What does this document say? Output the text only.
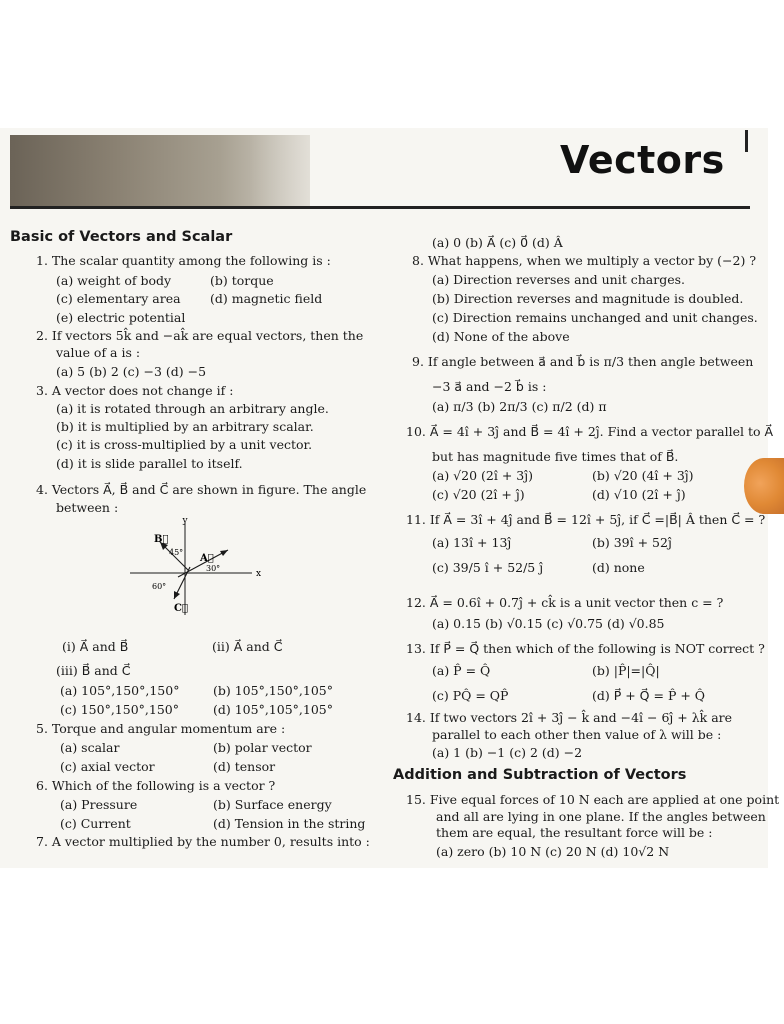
Vectors
Basic of Vectors and Scalar
1. The scalar quantity among the following is :
(a) weight of body	(b) torque
(c) elementary area (d) magnetic field
(e) electric potential
2. If vectors 5k̂ and −ak̂ are equal vectors, then the
value of a is :
(a) 5 (b) 2 (c) −3 (d) −5
3. A vector does not change if :
(a) it is rotated through an arbitrary angle.
(b) it is multiplied by an arbitrary scalar.
(c) it is cross-multiplied by a unit vector.
(d) it is slide parallel to itself.
4. Vectors A⃗, B⃗ and C⃗ are shown in figure. The angle
between :
y
x
B⃗
A⃗
C⃗
45°
30°
60°
(i) A⃗ and B⃗	(ii) A⃗ and C⃗
(iii) B⃗ and C⃗
(a) 105°,150°,150°	(b) 105°,150°,105°
(c) 150°,150°,150°	(d) 105°,105°,105°
5. Torque and angular momentum are :
(a) scalar	(b) polar vector
(c) axial vector	(d) tensor
6. Which of the following is a vector ?
(a) Pressure	(b) Surface energy
(c) Current	(d) Tension in the string
7. A vector multiplied by the number 0, results into :
(a) 0 (b) A⃗ (c) 0⃗ (d) Â
8. What happens, when we multiply a vector by (−2) ?
(a) Direction reverses and unit charges.
(b) Direction reverses and magnitude is doubled.
(c) Direction remains unchanged and unit changes.
(d) None of the above
9. If angle between a⃗ and b⃗ is π/3 then angle between
−3 a⃗ and −2 b⃗ is :
(a) π/3 (b) 2π/3 (c) π/2 (d) π
10. A⃗ = 4î + 3ĵ and B⃗ = 4î + 2ĵ. Find a vector parallel to A⃗
but has magnitude five times that of B⃗.
(a) √20 (2î + 3ĵ)	(b) √20 (4î + 3ĵ)
(c) √20 (2î + ĵ)	(d) √10 (2î + ĵ)
11. If A⃗ = 3î + 4ĵ and B⃗ = 12î + 5ĵ, if C⃗ =|B⃗| Â then C⃗ = ?
(a) 13î + 13ĵ	(b) 39î + 52ĵ
(c) 39/5 î + 52/5 ĵ	(d) none
12. A⃗ = 0.6î + 0.7ĵ + ck̂ is a unit vector then c = ?
(a) 0.15 (b) √0.15 (c) √0.75 (d) √0.85
13. If P⃗ = Q⃗ then which of the following is NOT correct ?
(a) P̂ = Q̂	(b) |P̂|=|Q̂|
(c) PQ̂ = QP̂	(d) P⃗ + Q⃗ = P̂ + Q̂
14. If two vectors 2î + 3ĵ − k̂ and −4î − 6ĵ + λk̂ are
parallel to each other then value of λ will be :
(a) 1 (b) −1 (c) 2 (d) −2
Addition and Subtraction of Vectors
15. Five equal forces of 10 N each are applied at one point
and all are lying in one plane. If the angles between
them are equal, the resultant force will be :
(a) zero (b) 10 N (c) 20 N (d) 10√2 N
